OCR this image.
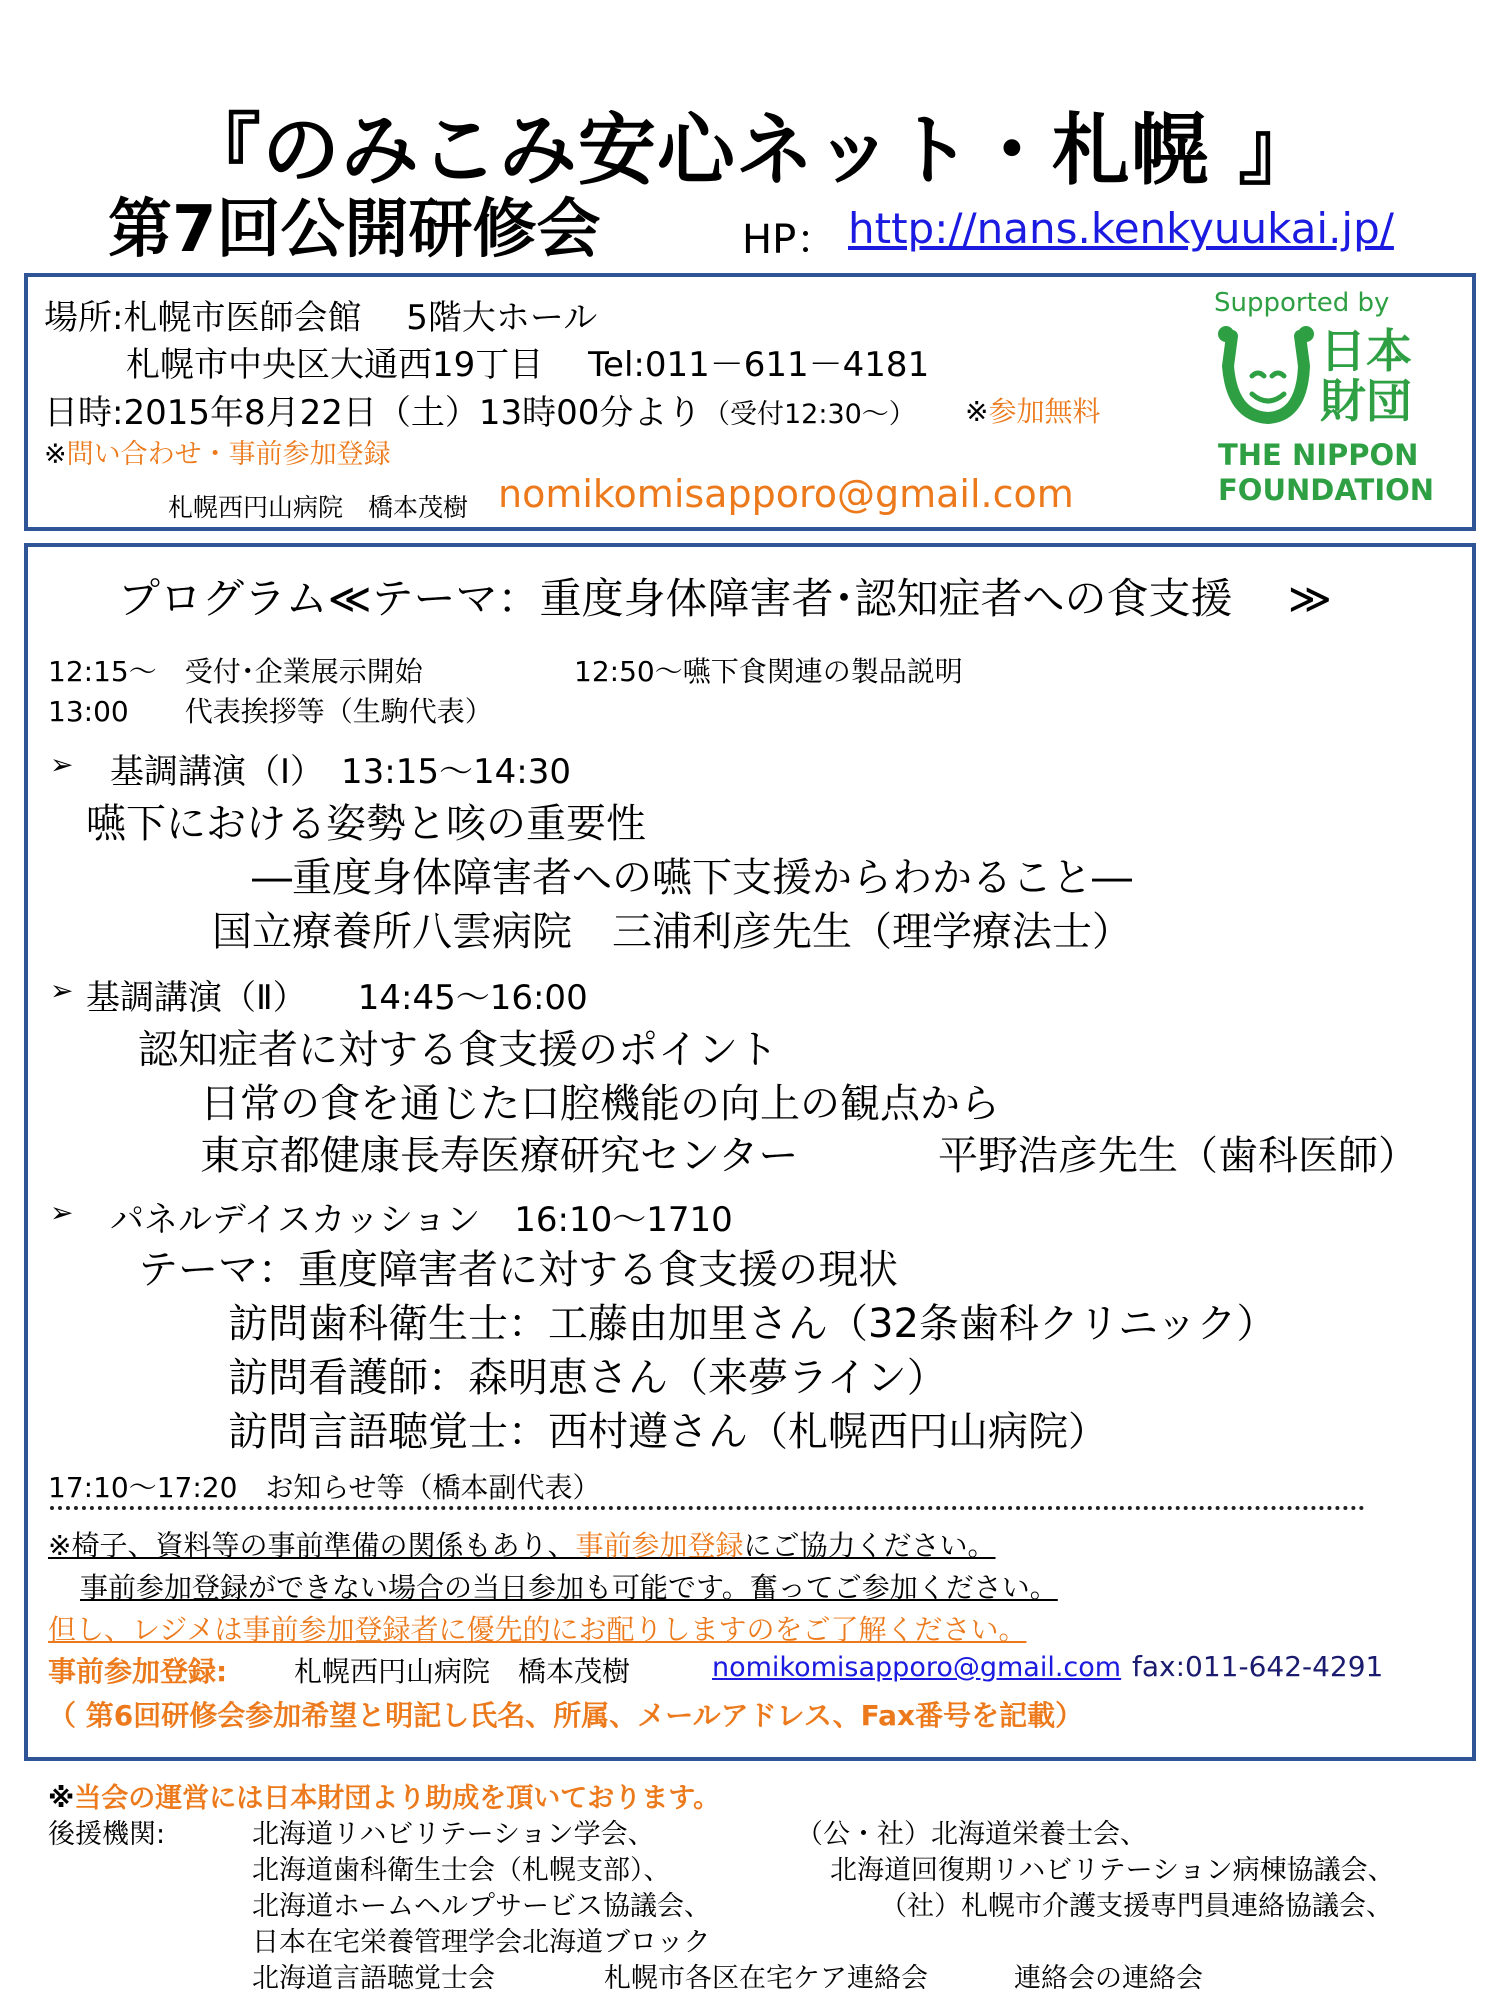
『のみこみ安心ネット・札幌 』
第7回公開研修会	HP： http://nans.kenkyuukai.jp/
場所:札幌市医師会館　 5階大ホール
札幌市中央区大通西19丁目　 Tel:011－611－4181
日時:2015年8月22日（土）13時00分より （受付12:30～） ※参加無料
※問い合わせ・事前参加登録
札幌西円山病院　橋本茂樹 nomikomisapporo@gmail.com
Supported by
日本
財団
THE NIPPON
FOUNDATION
プログラム≪テーマ：重度身体障害者･認知症者への食支援　 ≫
12:15～　受付･企業展示開始	12:50～嚥下食関連の製品説明
13:00　　代表挨拶等（生駒代表）
➢ 基調講演（Ⅰ）　13:15～14:30
嚥下における姿勢と咳の重要性
―重度身体障害者への嚥下支援からわかること―
国立療養所八雲病院　三浦利彦先生（理学療法士）
➢ 基調講演（Ⅱ）　　14:45～16:00
認知症者に対する食支援のポイント
日常の食を通じた口腔機能の向上の観点から
東京都健康長寿医療研究センター	平野浩彦先生（歯科医師）
➢ パネルデイスカッション　16:10～1710
テーマ：重度障害者に対する食支援の現状
訪問歯科衛生士：工藤由加里さん（32条歯科クリニック）
訪問看護師：森明恵さん（来夢ライン）
訪問言語聴覚士：西村遵さん（札幌西円山病院）
17:10～17:20　お知らせ等（橋本副代表）
※椅子、資料等の事前準備の関係もあり、事前参加登録にご協力ください。
事前参加登録ができない場合の当日参加も可能です。奮ってご参加ください。
但し、レジメは事前参加登録者に優先的にお配りしますのをご了解ください。
事前参加登録: 札幌西円山病院　橋本茂樹	nomikomisapporo@gmail.com fax:011-642-4291
（ 第6回研修会参加希望と明記し氏名、所属、メールアドレス、Fax番号を記載）
※当会の運営には日本財団より助成を頂いております。
後援機関:	北海道リハビリテーション学会、	（公・社）北海道栄養士会、
北海道歯科衛生士会（札幌支部）、	北海道回復期リハビリテーション病棟協議会、
北海道ホームヘルプサービス協議会、	（社）札幌市介護支援専門員連絡協議会、
日本在宅栄養管理学会北海道ブロック
北海道言語聴覚士会	札幌市各区在宅ケア連絡会	連絡会の連絡会
